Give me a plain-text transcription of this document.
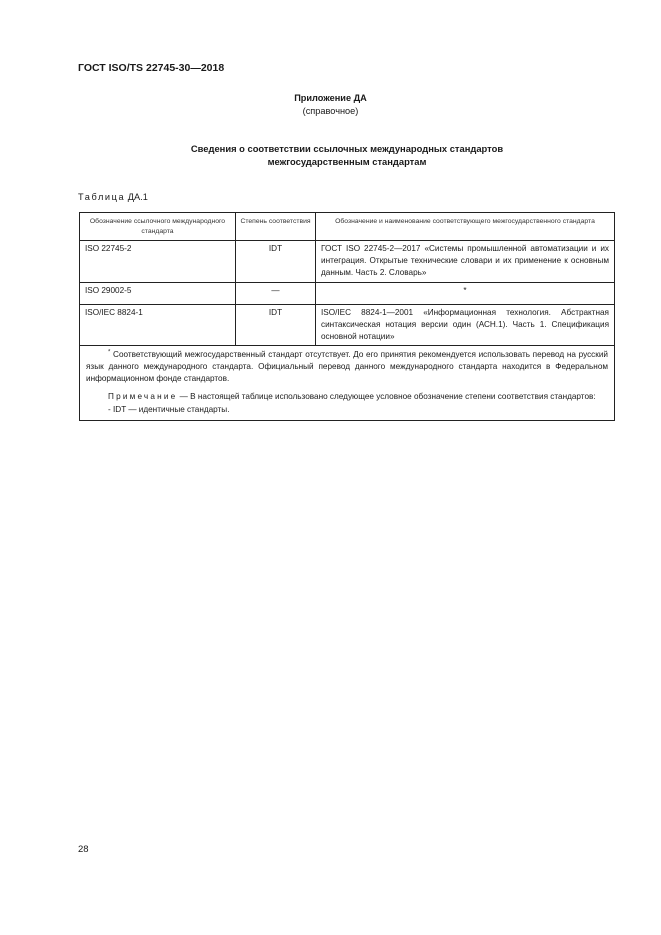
ГОСТ ISO/TS 22745-30—2018
Приложение ДА
(справочное)
Сведения о соответствии ссылочных международных стандартов
межгосударственным стандартам
Таблица ДА.1
Обозначение ссылочного международного стандарта	Степень соответствия	Обозначение и наименование соответствующего межгосударственного стандарта
ISO 22745-2	IDT	ГОСТ ISO 22745-2—2017 «Системы промышленной автоматизации и их интеграция. Открытые технические словари и их применение к основным данным. Часть 2. Словарь»
ISO 29002-5	—	*
ISO/IEC 8824-1	IDT	ISO/IEC 8824-1—2001 «Информационная технология. Абстрактная синтаксическая нотация версии один (АСН.1). Часть 1. Спецификация основной нотации»

* Соответствующий межгосударственный стандарт отсутствует. До его принятия рекомендуется использовать перевод на русский язык данного международного стандарта. Официальный перевод данного международного стандарта находится в Федеральном информационном фонде стандартов.

Примечание — В настоящей таблице использовано следующее условное обозначение степени соответствия стандартов:

- IDT — идентичные стандарты.		

28
